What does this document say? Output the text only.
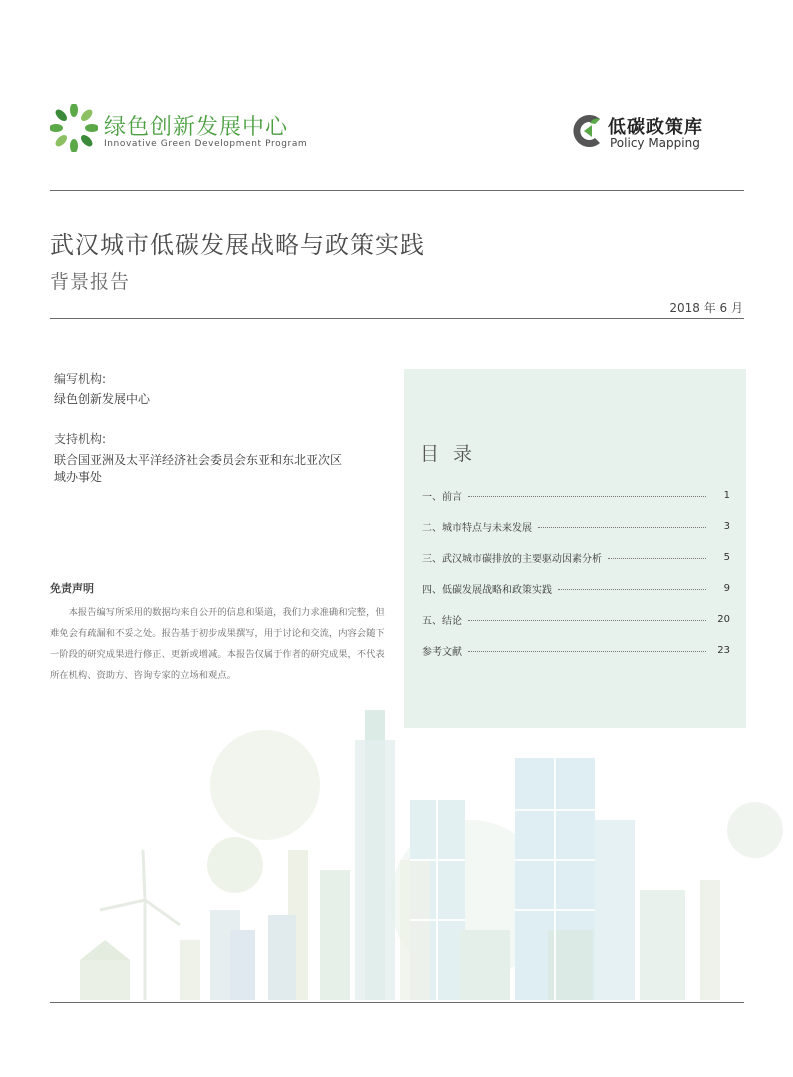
绿色创新发展中心
Innovative Green Development Program
低碳政策库
Policy Mapping
武汉城市低碳发展战略与政策实践
背景报告
2018 年 6 月
编写机构:
绿色创新发展中心
支持机构:
联合国亚洲及太平洋经济社会委员会东亚和东北亚次区域办事处
免责声明
本报告编写所采用的数据均来自公开的信息和渠道，我们力求准确和完整，但难免会有疏漏和不妥之处。报告基于初步成果撰写，用于讨论和交流，内容会随下一阶段的研究成果进行修正、更新或增减。本报告仅属于作者的研究成果，不代表所在机构、资助方、咨询专家的立场和观点。
目 录
一、前言	1
二、城市特点与未来发展	3
三、武汉城市碳排放的主要驱动因素分析	5
四、低碳发展战略和政策实践	9
五、结论	20
参考文献	23
